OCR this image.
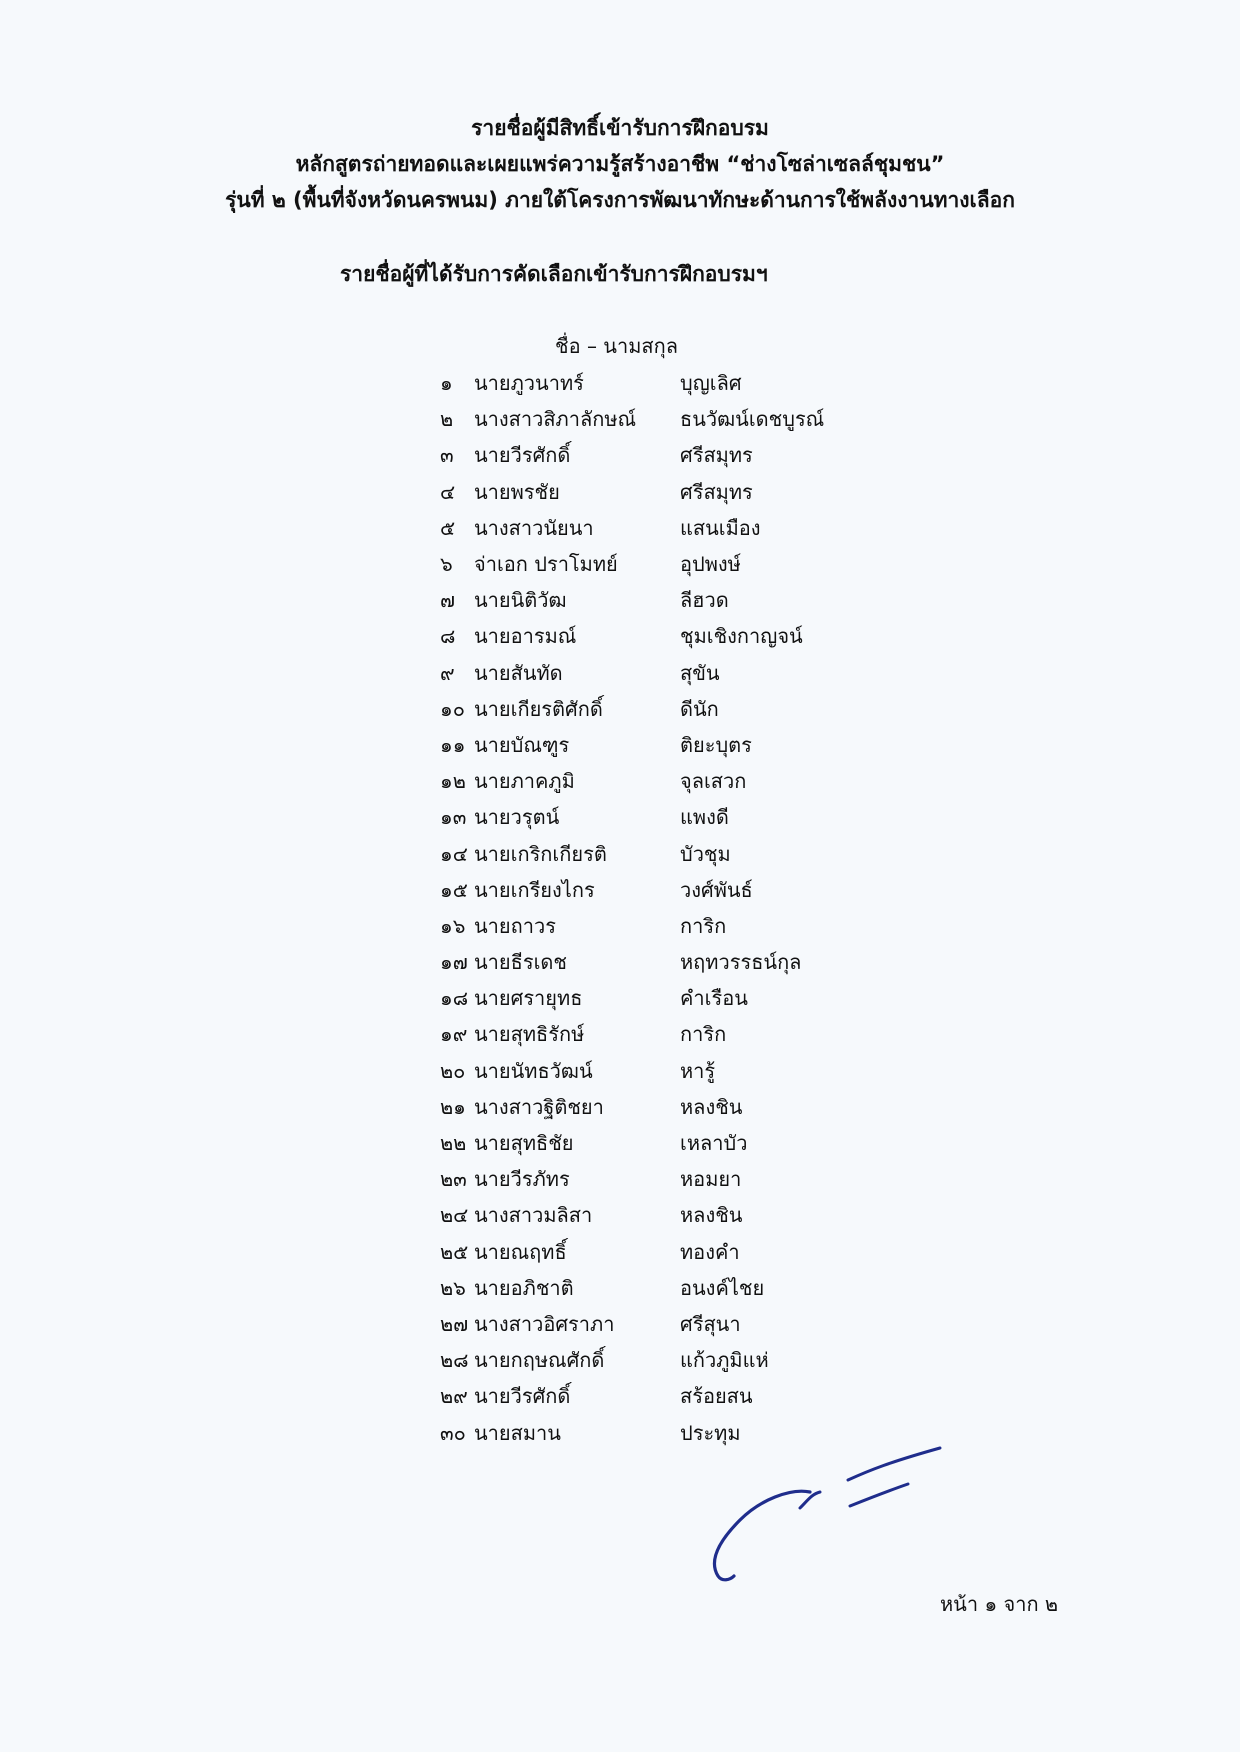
รายชื่อผู้มีสิทธิ์เข้ารับการฝึกอบรม
หลักสูตรถ่ายทอดและเผยแพร่ความรู้สร้างอาชีพ “ช่างโซล่าเซลล์ชุมชน”
รุ่นที่ ๒ (พื้นที่จังหวัดนครพนม) ภายใต้โครงการพัฒนาทักษะด้านการใช้พลังงานทางเลือก
รายชื่อผู้ที่ได้รับการคัดเลือกเข้ารับการฝึกอบรมฯ
ชื่อ – นามสกุล
๑	นายภูวนาทร์	บุญเลิศ
๒	นางสาวสิภาลักษณ์	ธนวัฒน์เดชบูรณ์
๓	นายวีรศักดิ์	ศรีสมุทร
๔ นายพรชัย	ศรีสมุทร
๕ นางสาวนัยนา	แสนเมือง
๖	จ่าเอก ปราโมทย์	อุปพงษ์
๗ นายนิติวัฒ	ลีฮวด
๘ นายอารมณ์	ชุมเชิงกาญจน์
๙ นายสันทัด	สุขัน
๑๐ นายเกียรติศักดิ์	ดีนัก
๑๑ นายบัณฑูร	ติยะบุตร
๑๒ นายภาคภูมิ	จุลเสวก
๑๓ นายวรุตน์	แพงดี
๑๔ นายเกริกเกียรติ	บัวชุม
๑๕ นายเกรียงไกร	วงศ์พันธ์
๑๖ นายถาวร	การิก
๑๗ นายธีรเดช	หฤทวรรธน์กุล
๑๘ นายศรายุทธ	คำเรือน
๑๙ นายสุทธิรักษ์	การิก
๒๐ นายนัทธวัฒน์	หารู้
๒๑ นางสาวฐิติชยา	หลงชิน
๒๒ นายสุทธิชัย	เหลาบัว
๒๓ นายวีรภัทร	หอมยา
๒๔ นางสาวมลิสา	หลงชิน
๒๕ นายณฤทธิ์	ทองคำ
๒๖ นายอภิชาติ	อนงค์ไชย
๒๗ นางสาวอิศราภา	ศรีสุนา
๒๘ นายกฤษณศักดิ์	แก้วภูมิแห่
๒๙ นายวีรศักดิ์	สร้อยสน
๓๐ นายสมาน	ประทุม
หน้า ๑ จาก ๒
